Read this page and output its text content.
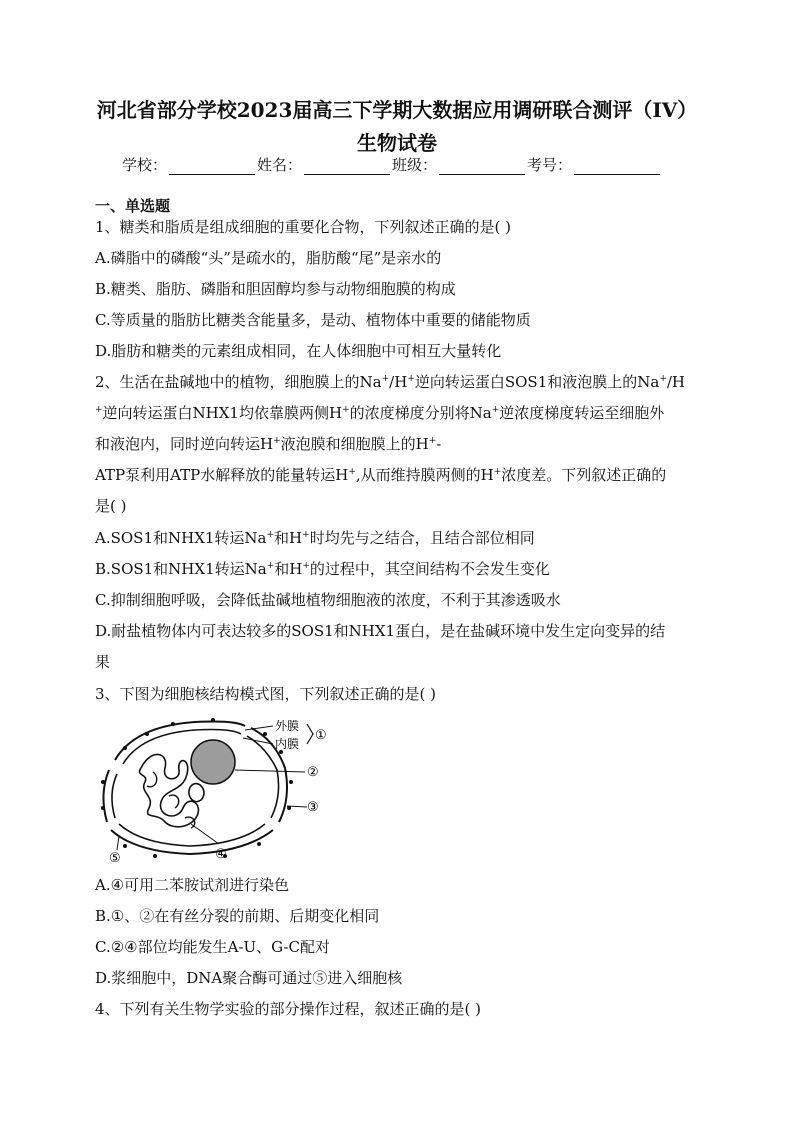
河北省部分学校2023届高三下学期大数据应用调研联合测评（IV）
生物试卷
学校：	姓名：	班级：	考号：
一、单选题
1、糖类和脂质是组成细胞的重要化合物，下列叙述正确的是( )
A.磷脂中的磷酸“头”是疏水的，脂肪酸“尾”是亲水的
B.糖类、脂肪、磷脂和胆固醇均参与动物细胞膜的构成
C.等质量的脂肪比糖类含能量多，是动、植物体中重要的储能物质
D.脂肪和糖类的元素组成相同，在人体细胞中可相互大量转化
2、生活在盐碱地中的植物，细胞膜上的Na+/H+逆向转运蛋白SOS1和液泡膜上的Na+/H
+逆向转运蛋白NHX1均依靠膜两侧H+的浓度梯度分别将Na+逆浓度梯度转运至细胞外
和液泡内，同时逆向转运H+液泡膜和细胞膜上的H+-
ATP泵利用ATP水解释放的能量转运H+,从而维持膜两侧的H+浓度差。下列叙述正确的
是( )
A.SOS1和NHX1转运Na+和H+时均先与之结合，且结合部位相同
B.SOS1和NHX1转运Na+和H+的过程中，其空间结构不会发生变化
C.抑制细胞呼吸，会降低盐碱地植物细胞液的浓度，不利于其渗透吸水
D.耐盐植物体内可表达较多的SOS1和NHX1蛋白，是在盐碱环境中发生定向变异的结
果
3、下图为细胞核结构模式图，下列叙述正确的是( )
外膜
内膜
①
②
③
④
⑤
A.④可用二苯胺试剂进行染色
B.①、②在有丝分裂的前期、后期变化相同
C.②④部位均能发生A-U、G-C配对
D.浆细胞中，DNA聚合酶可通过⑤进入细胞核
4、下列有关生物学实验的部分操作过程，叙述正确的是( )
